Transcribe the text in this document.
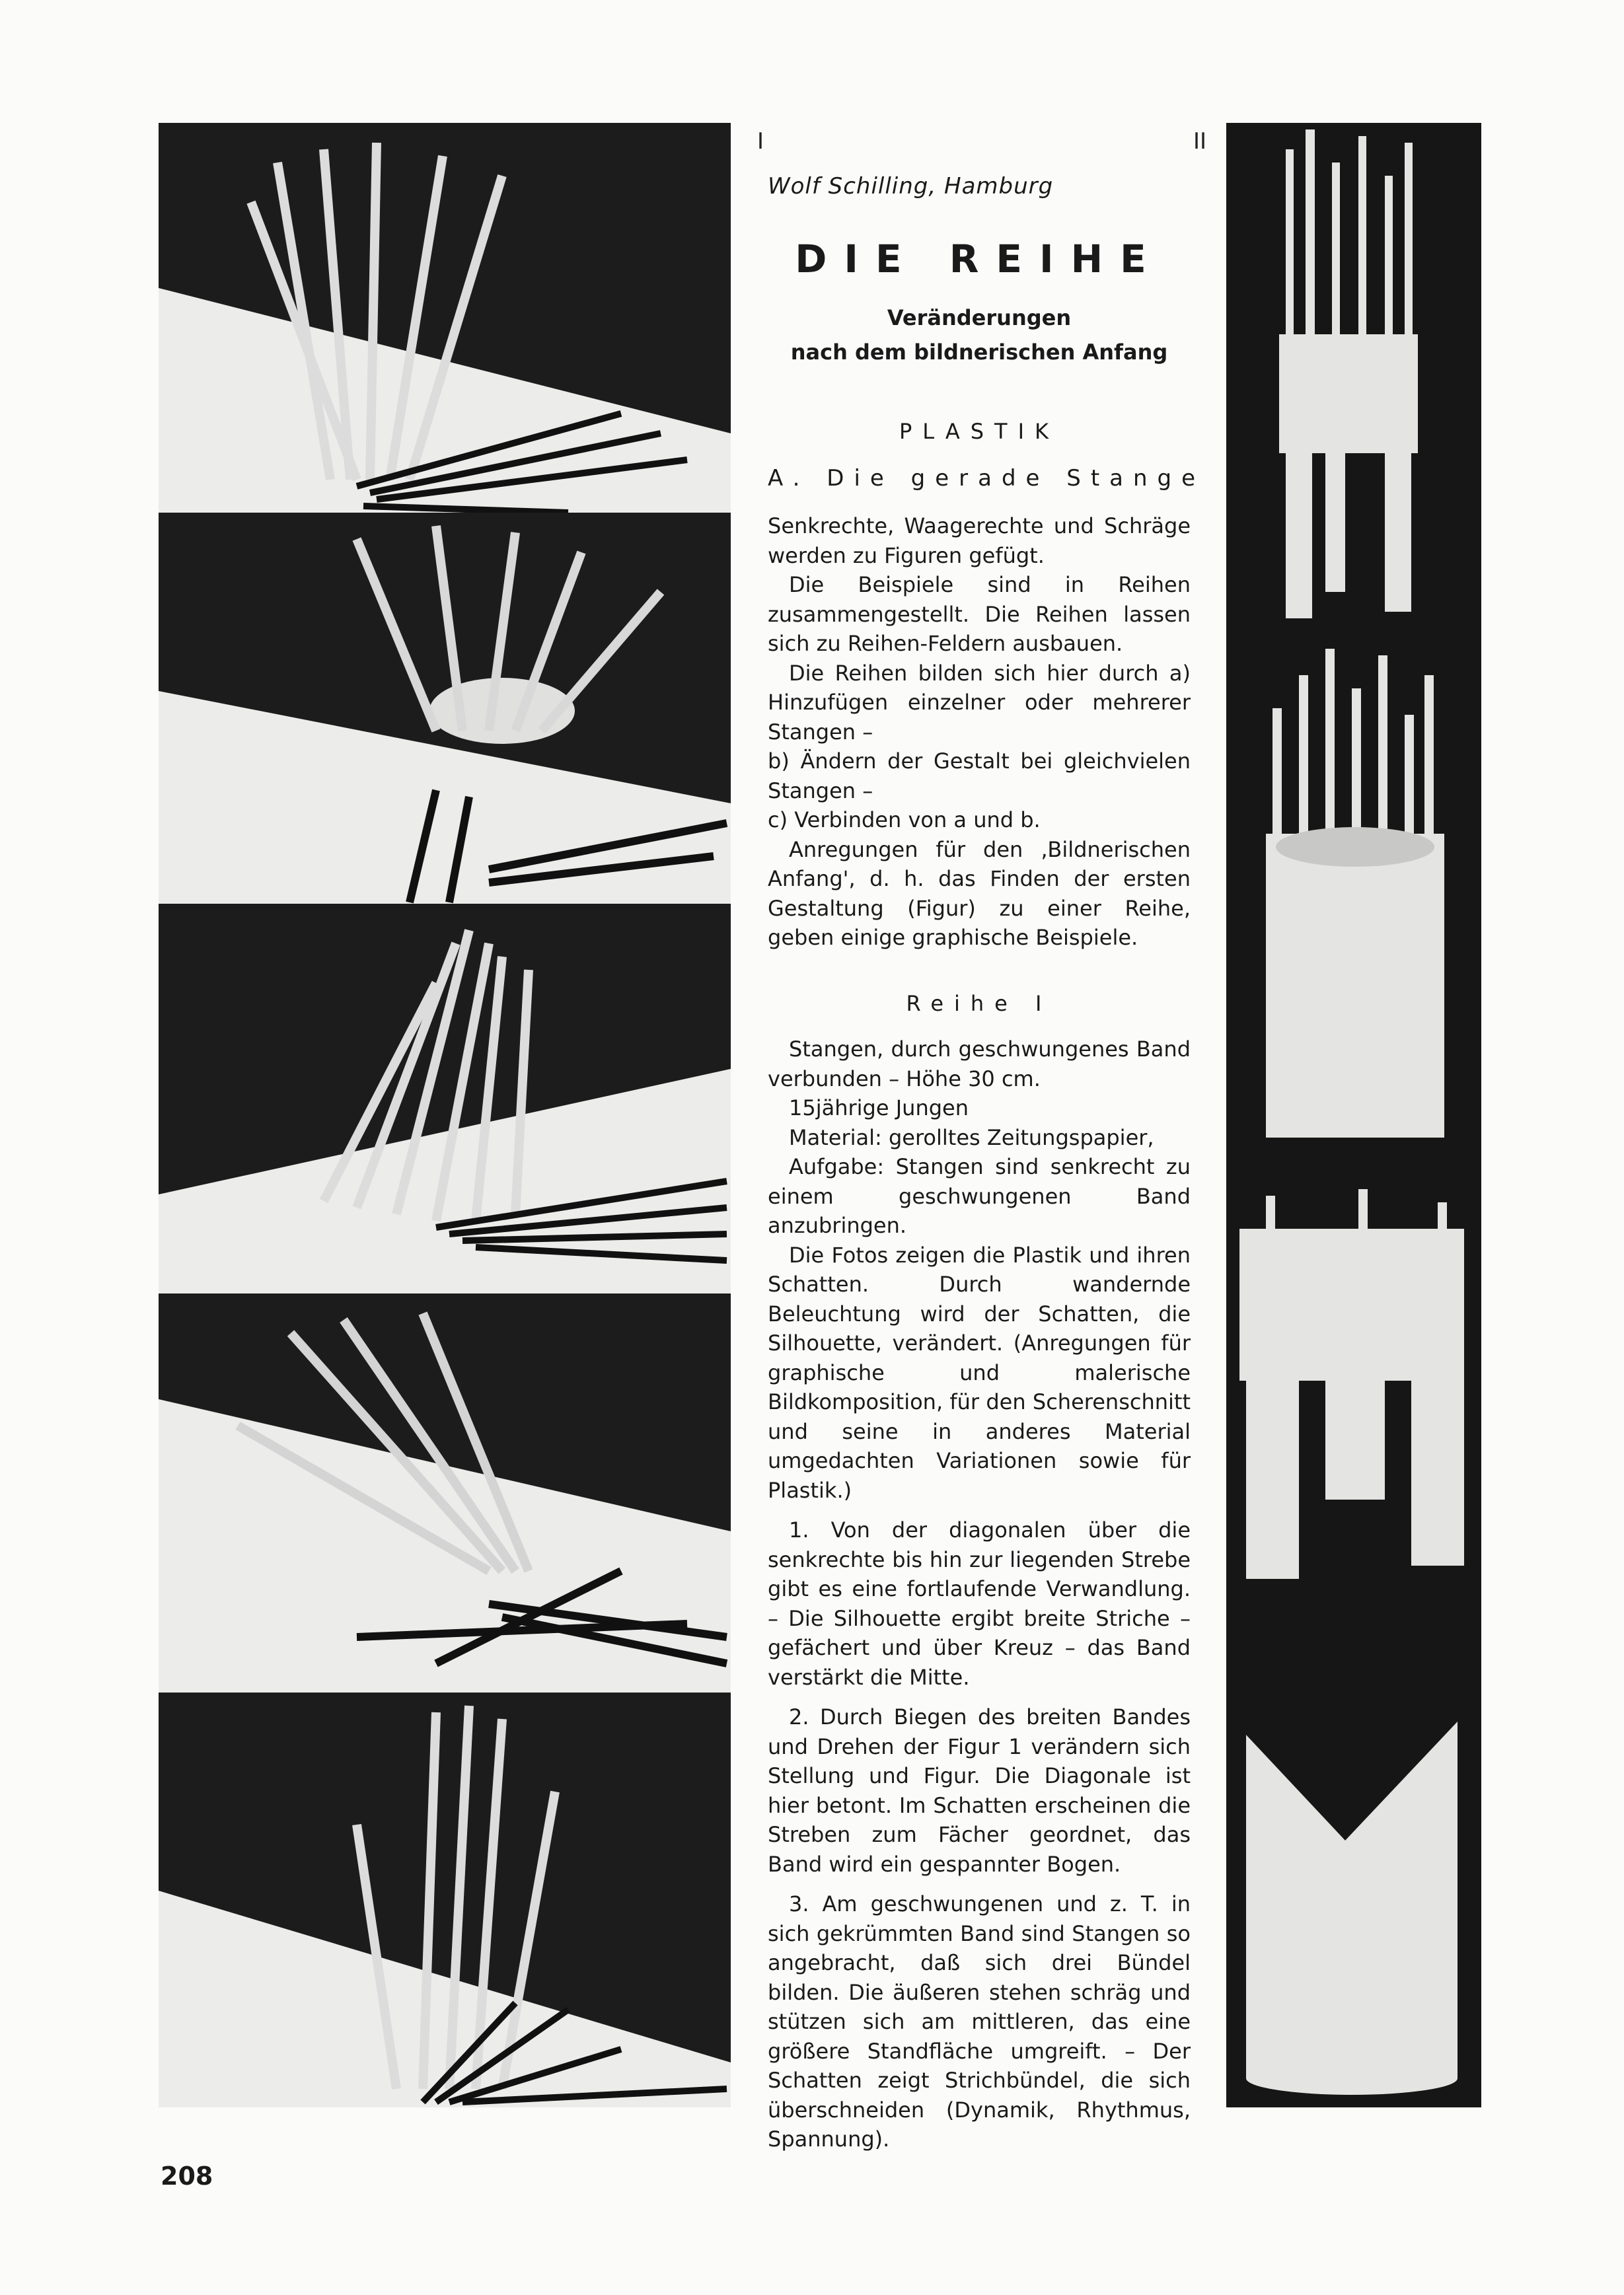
I	II
Wolf Schilling, Hamburg
DIE REIHE
Veränderungen
nach dem bildnerischen Anfang
PLASTIK
A. Die gerade Stange

Senkrechte, Waagerechte und Schräge werden zu Figuren gefügt.

Die Beispiele sind in Reihen zusammengestellt. Die Reihen lassen sich zu Reihen-Feldern ausbauen.

Die Reihen bilden sich hier durch a) Hinzufügen einzelner oder mehrerer Stangen –

b) Ändern der Gestalt bei gleichvielen Stangen –

c) Verbinden von a und b.

Anregungen für den ‚Bildnerischen Anfang', d. h. das Finden der ersten Gestaltung (Figur) zu einer Reihe, geben einige graphische Beispiele.

Reihe I

Stangen, durch geschwungenes Band verbunden – Höhe 30 cm.

15jährige Jungen

Material: gerolltes Zeitungspapier,

Aufgabe: Stangen sind senkrecht zu einem geschwungenen Band anzubringen.

Die Fotos zeigen die Plastik und ihren Schatten. Durch wandernde Beleuchtung wird der Schatten, die Silhouette, verändert. (Anregungen für graphische und malerische Bildkomposition, für den Scherenschnitt und seine in anderes Material umgedachten Variationen sowie für Plastik.)

1. Von der diagonalen über die senkrechte bis hin zur liegenden Strebe gibt es eine fortlaufende Verwandlung. – Die Silhouette ergibt breite Striche – gefächert und über Kreuz – das Band verstärkt die Mitte.

2. Durch Biegen des breiten Bandes und Drehen der Figur 1 verändern sich Stellung und Figur. Die Diagonale ist hier betont. Im Schatten erscheinen die Streben zum Fächer geordnet, das Band wird ein gespannter Bogen.

3. Am geschwungenen und z. T. in sich gekrümmten Band sind Stangen so angebracht, daß sich drei Bündel bilden. Die äußeren stehen schräg und stützen sich am mittleren, das eine größere Standfläche umgreift. – Der Schatten zeigt Strichbündel, die sich überschneiden (Dynamik, Rhythmus, Spannung).

208
